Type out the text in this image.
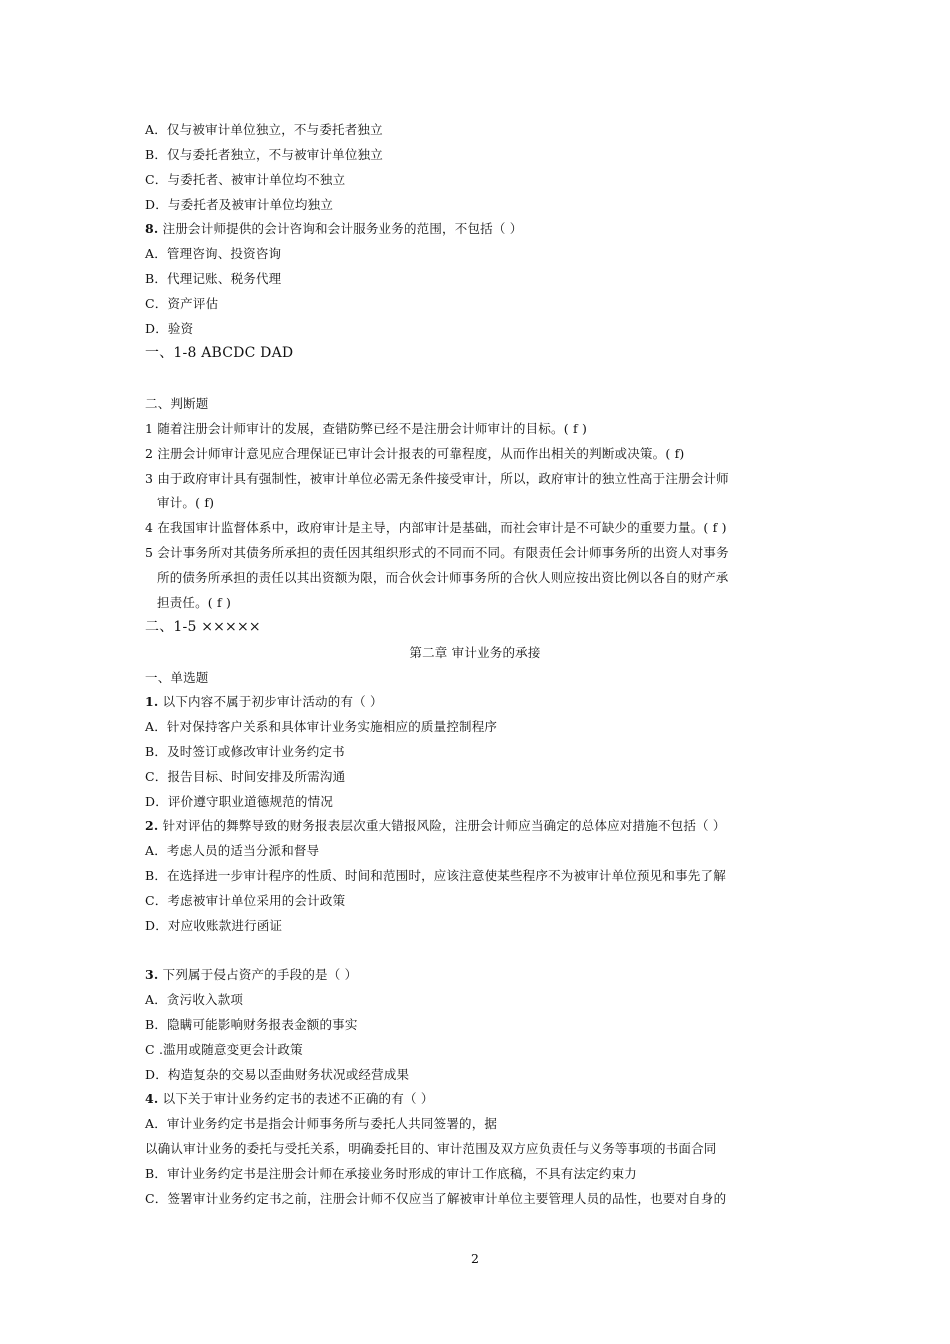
A．仅与被审计单位独立，不与委托者独立
B．仅与委托者独立，不与被审计单位独立
C．与委托者、被审计单位均不独立
D．与委托者及被审计单位均独立
8. 注册会计师提供的会计咨询和会计服务业务的范围，不包括（ ）
A．管理咨询、投资咨询
B．代理记账、税务代理
C．资产评估
D．验资
一、1-8 ABCDC DAD
二、判断题
1 随着注册会计师审计的发展，查错防弊已经不是注册会计师审计的目标。( f )
2 注册会计师审计意见应合理保证已审计会计报表的可靠程度，从而作出相关的判断或决策。( f)
3 由于政府审计具有强制性，被审计单位必需无条件接受审计，所以，政府审计的独立性高于注册会计师
审计。( f)
4 在我国审计监督体系中，政府审计是主导，内部审计是基础，而社会审计是不可缺少的重要力量。( f )
5 会计事务所对其债务所承担的责任因其组织形式的不同而不同。有限责任会计师事务所的出资人对事务
所的债务所承担的责任以其出资额为限，而合伙会计师事务所的合伙人则应按出资比例以各自的财产承
担责任。( f )
二、1-5 ×××××
第二章 审计业务的承接
一、单选题
1. 以下内容不属于初步审计活动的有（ ）
A．针对保持客户关系和具体审计业务实施相应的质量控制程序
B．及时签订或修改审计业务约定书
C．报告目标、时间安排及所需沟通
D．评价遵守职业道德规范的情况
2. 针对评估的舞弊导致的财务报表层次重大错报风险，注册会计师应当确定的总体应对措施不包括（ ）
A．考虑人员的适当分派和督导
B．在选择进一步审计程序的性质、时间和范围时，应该注意使某些程序不为被审计单位预见和事先了解
C．考虑被审计单位采用的会计政策
D．对应收账款进行函证
3. 下列属于侵占资产的手段的是（ ）
A．贪污收入款项
B．隐瞒可能影响财务报表金额的事实
C .滥用或随意变更会计政策
D．构造复杂的交易以歪曲财务状况或经营成果
4. 以下关于审计业务约定书的表述不正确的有（ ）
A．审计业务约定书是指会计师事务所与委托人共同签署的，据
以确认审计业务的委托与受托关系，明确委托目的、审计范围及双方应负责任与义务等事项的书面合同
B．审计业务约定书是注册会计师在承接业务时形成的审计工作底稿，不具有法定约束力
C．签署审计业务约定书之前，注册会计师不仅应当了解被审计单位主要管理人员的品性，也要对自身的
2
